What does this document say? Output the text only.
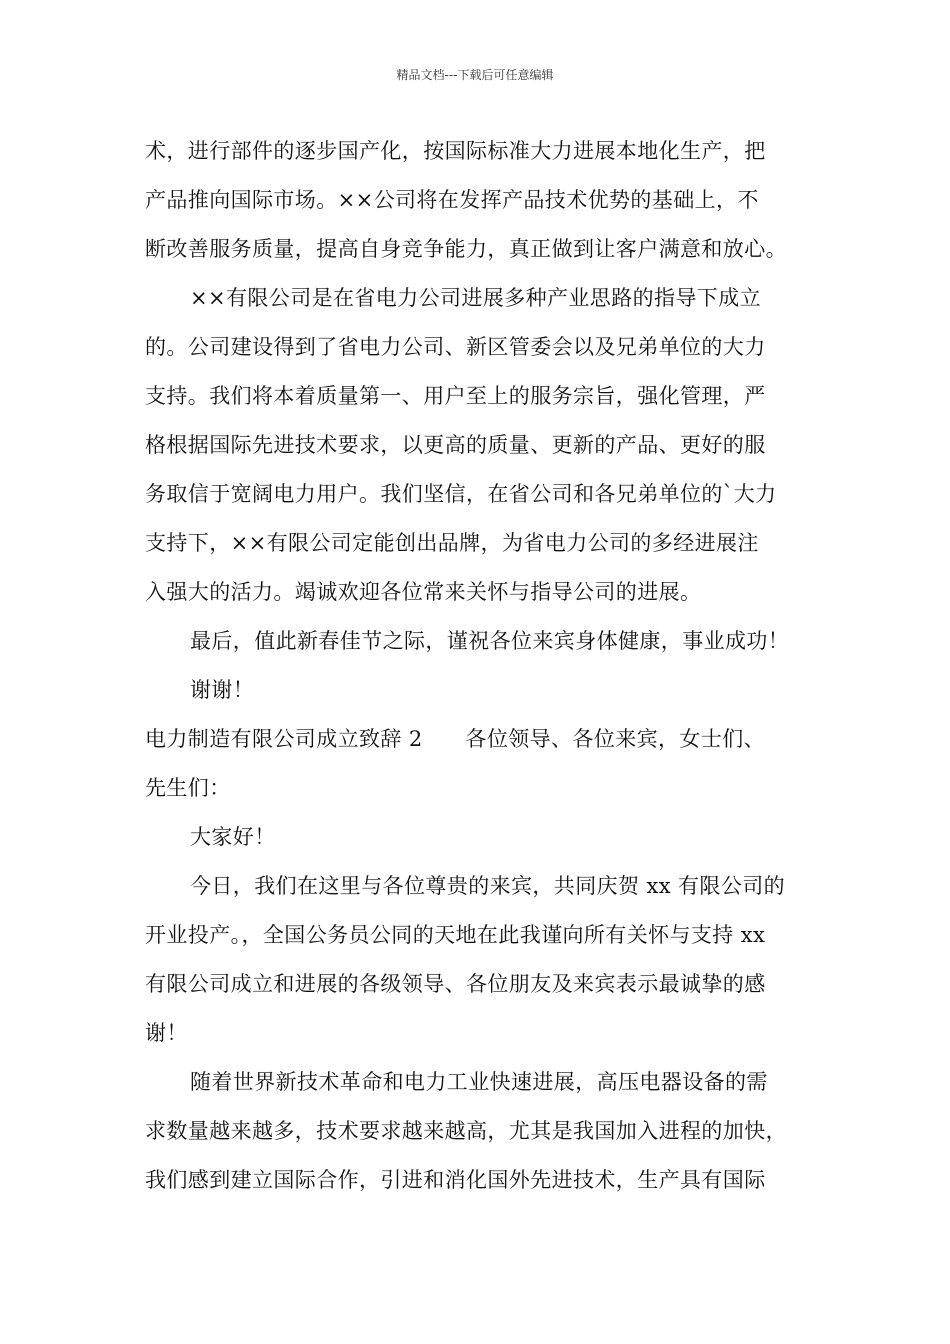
精品文档---下载后可任意编辑
术，进行部件的逐步国产化，按国际标准大力进展本地化生产，把
产品推向国际市场。××公司将在发挥产品技术优势的基础上，不
断改善服务质量，提高自身竞争能力，真正做到让客户满意和放心。
××有限公司是在省电力公司进展多种产业思路的指导下成立
的。公司建设得到了省电力公司、新区管委会以及兄弟单位的大力
支持。我们将本着质量第一、用户至上的服务宗旨，强化管理，严
格根据国际先进技术要求，以更高的质量、更新的产品、更好的服
务取信于宽阔电力用户。我们坚信，在省公司和各兄弟单位的`大力
支持下，××有限公司定能创出品牌，为省电力公司的多经进展注
入强大的活力。竭诚欢迎各位常来关怀与指导公司的进展。
最后，值此新春佳节之际，谨祝各位来宾身体健康，事业成功！
谢谢！
电力制造有限公司成立致辞 2　　各位领导、各位来宾，女士们、
先生们：
大家好！
今日，我们在这里与各位尊贵的来宾，共同庆贺 xx 有限公司的
开业投产。，全国公务员公同的天地在此我谨向所有关怀与支持 xx
有限公司成立和进展的各级领导、各位朋友及来宾表示最诚挚的感
谢！
随着世界新技术革命和电力工业快速进展，高压电器设备的需
求数量越来越多，技术要求越来越高，尤其是我国加入进程的加快，
我们感到建立国际合作，引进和消化国外先进技术，生产具有国际
